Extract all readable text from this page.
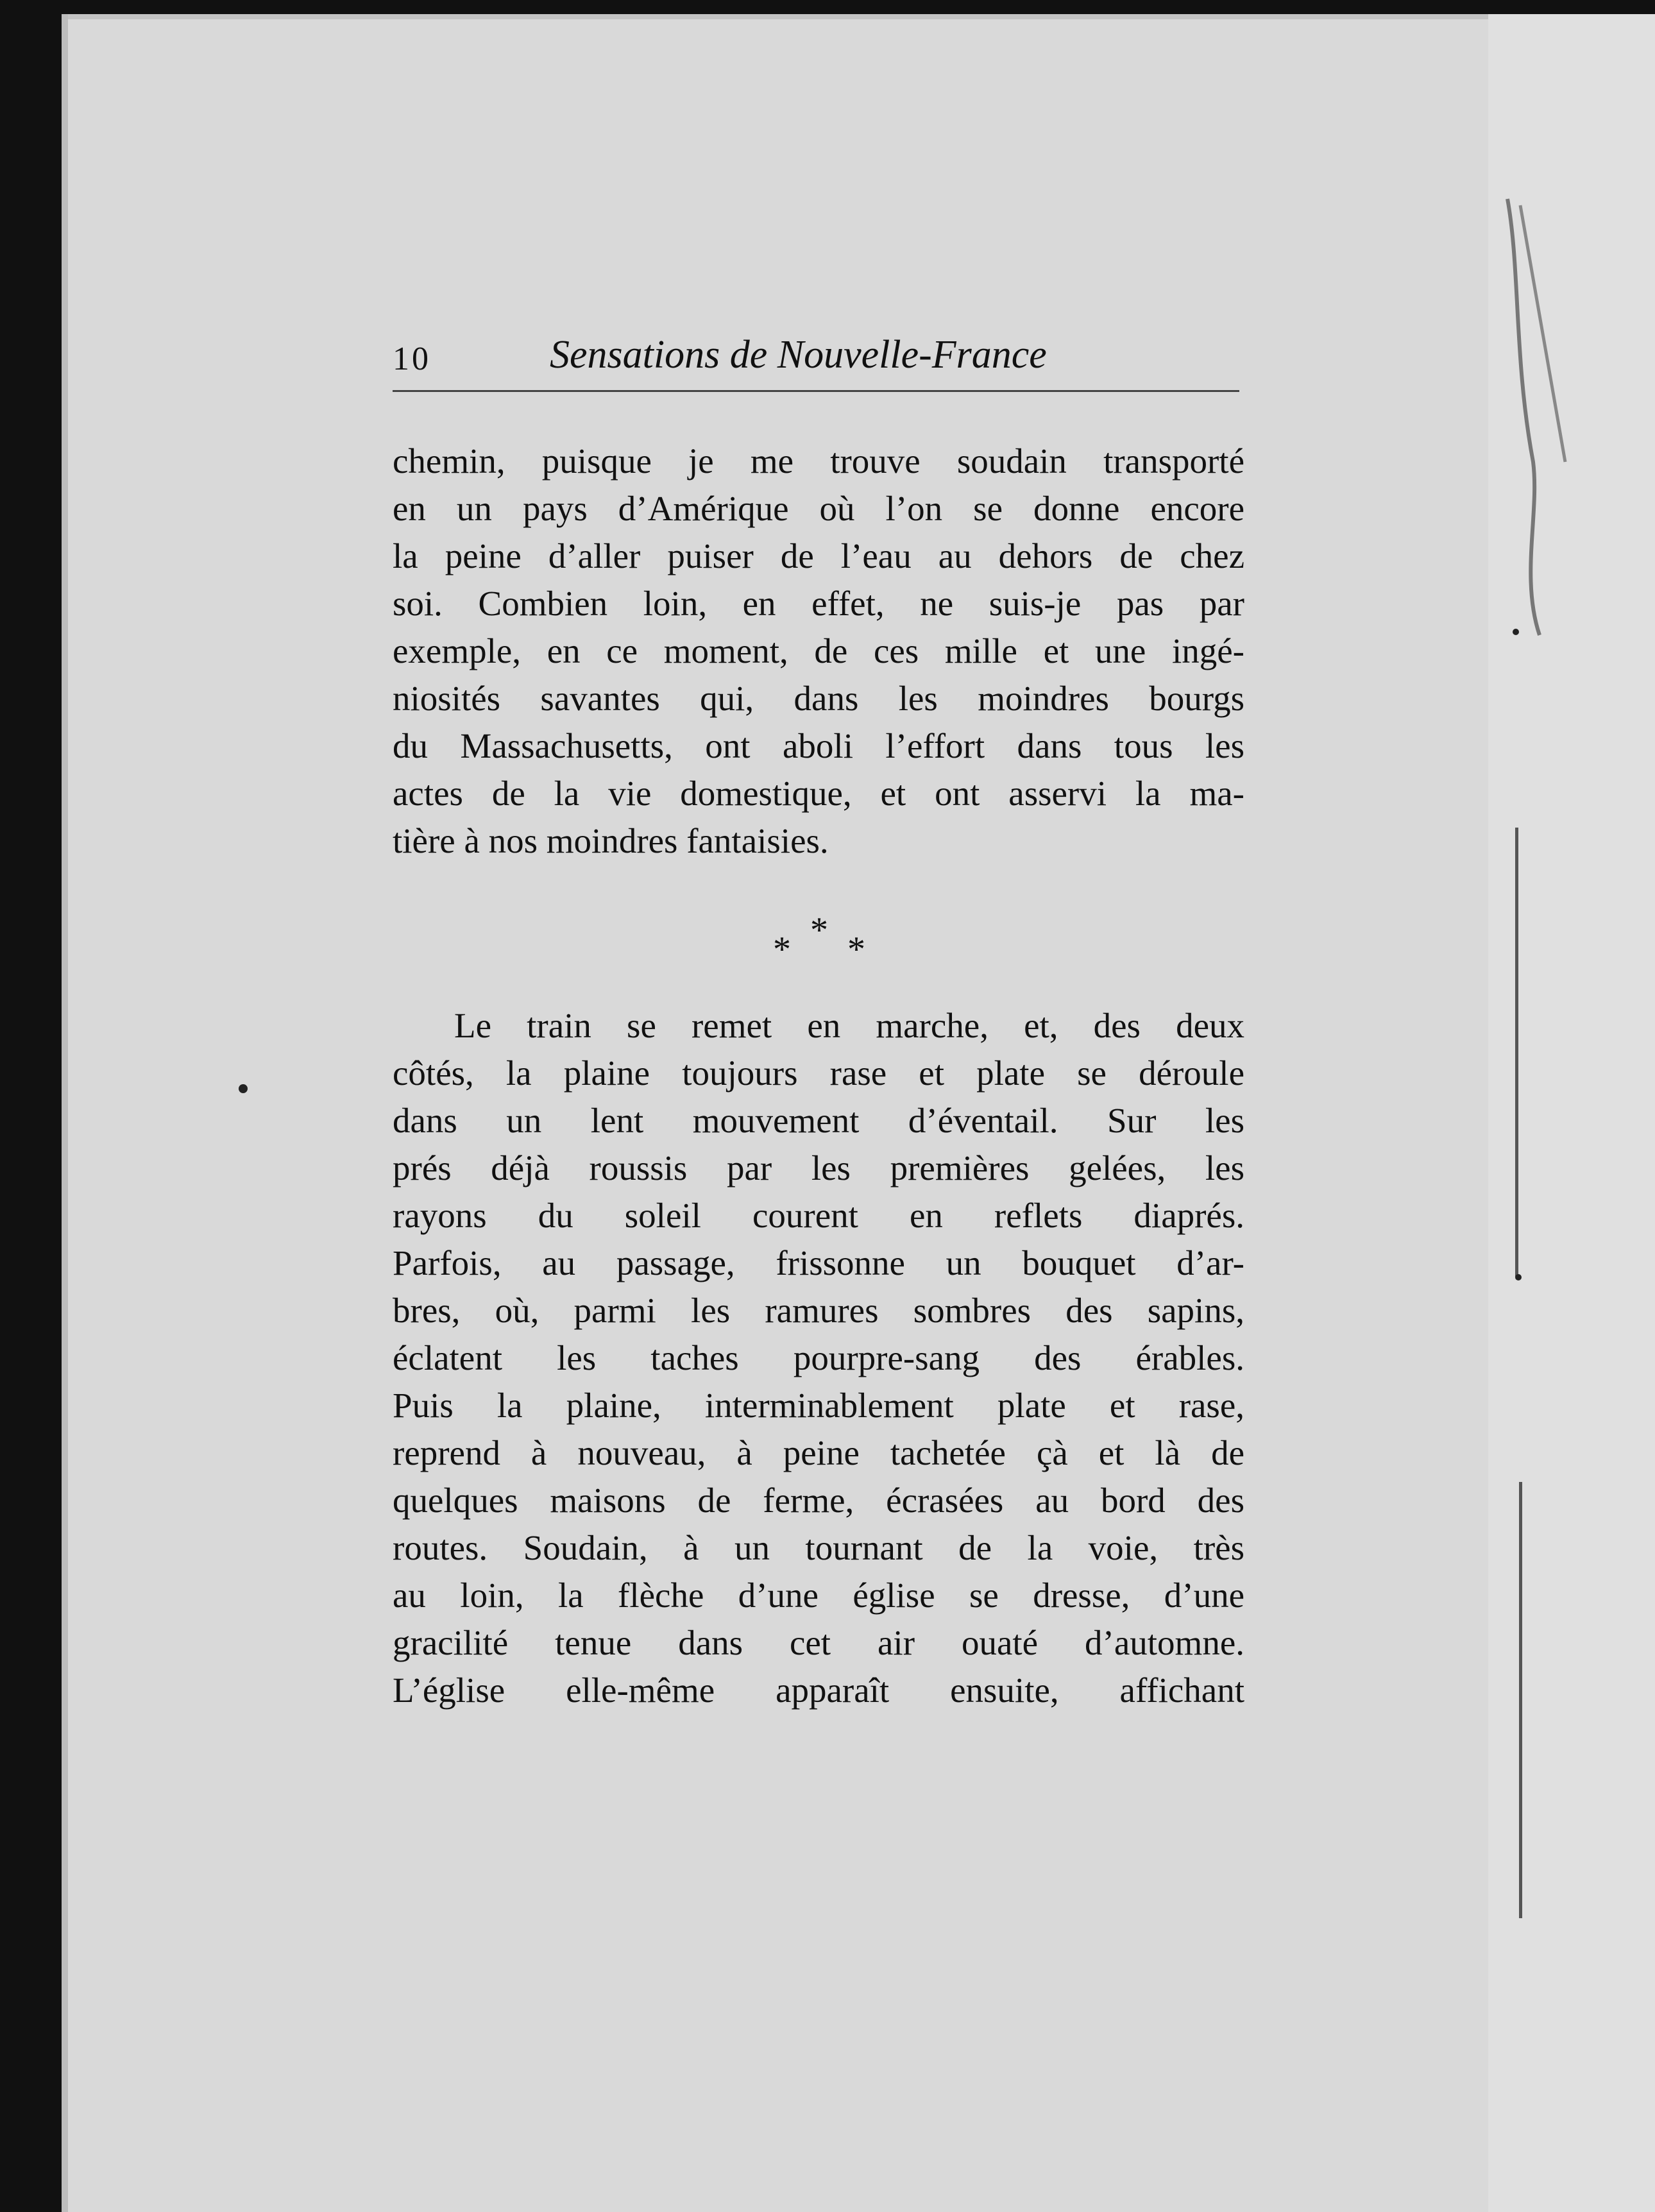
10	Sensations de Nouvelle-France
chemin, puisque je me trouve soudain transporté
en un pays d’Amérique où l’on se donne encore
la peine d’aller puiser de l’eau au dehors de chez
soi. Combien loin, en effet, ne suis-je pas par
exemple, en ce moment, de ces mille et une ingé-
niosités savantes qui, dans les moindres bourgs
du Massachusetts, ont aboli l’effort dans tous les
actes de la vie domestique, et ont asservi la ma-
tière à nos moindres fantaisies.
*
* *
Le train se remet en marche, et, des deux
côtés, la plaine toujours rase et plate se déroule
dans un lent mouvement d’éventail. Sur les
prés déjà roussis par les premières gelées, les
rayons du soleil courent en reflets diaprés.
Parfois, au passage, frissonne un bouquet d’ar-
bres, où, parmi les ramures sombres des sapins,
éclatent les taches pourpre-sang des érables.
Puis la plaine, interminablement plate et rase,
reprend à nouveau, à peine tachetée çà et là de
quelques maisons de ferme, écrasées au bord des
routes. Soudain, à un tournant de la voie, très
au loin, la flèche d’une église se dresse, d’une
gracilité tenue dans cet air ouaté d’automne.
L’église elle-même apparaît ensuite, affichant
